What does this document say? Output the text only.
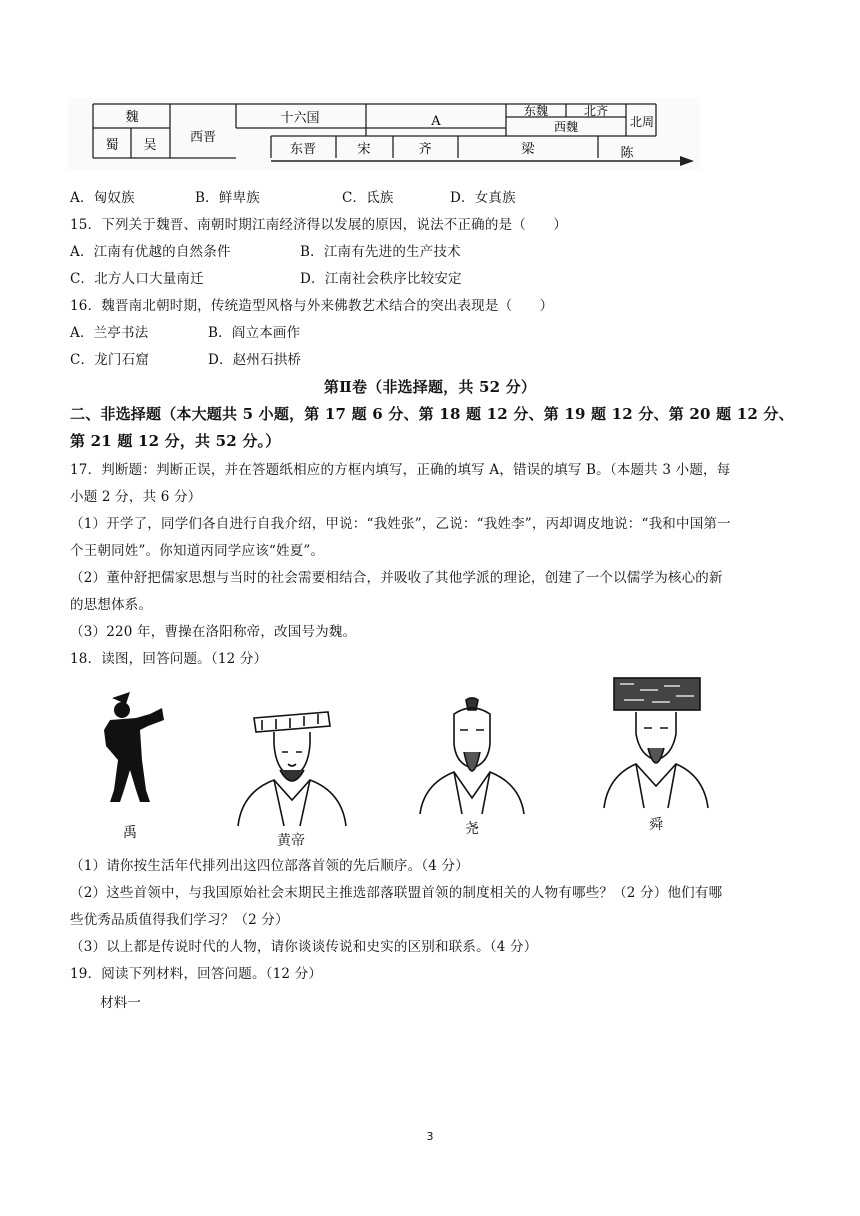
魏
蜀 吴
西晋
十六国	A
东魏	北齐
北周
西魏
东晋	宋	齐	梁	陈
A．匈奴族	B．鲜卑族	C．氐族	D．女真族
15．下列关于魏晋、南朝时期江南经济得以发展的原因，说法不正确的是（　　）
A．江南有优越的自然条件	B．江南有先进的生产技术
C．北方人口大量南迁	D．江南社会秩序比较安定
16．魏晋南北朝时期，传统造型风格与外来佛教艺术结合的突出表现是（　　）
A．兰亭书法	B．阎立本画作
C．龙门石窟	D．赵州石拱桥
第Ⅱ卷（非选择题，共 52 分）
二、非选择题（本大题共 5 小题，第 17 题 6 分、第 18 题 12 分、第 19 题 12 分、第 20 题 12 分、
第 21 题 12 分，共 52 分。）
17．判断题：判断正误，并在答题纸相应的方框内填写，正确的填写 A，错误的填写 B。（本题共 3 小题，每
小题 2 分，共 6 分）
（1）开学了，同学们各自进行自我介绍，甲说：“我姓张”，乙说：“我姓李”，丙却调皮地说：“我和中国第一
个王朝同姓”。你知道丙同学应该“姓夏”。
（2）董仲舒把儒家思想与当时的社会需要相结合，并吸收了其他学派的理论，创建了一个以儒学为核心的新
的思想体系。
（3）220 年，曹操在洛阳称帝，改国号为魏。
18．读图，回答问题。（12 分）
禹	黄帝
尧	舜
（1）请你按生活年代排列出这四位部落首领的先后顺序。（4 分）
（2）这些首领中，与我国原始社会末期民主推选部落联盟首领的制度相关的人物有哪些？（2 分）他们有哪
些优秀品质值得我们学习？（2 分）
（3）以上都是传说时代的人物，请你谈谈传说和史实的区别和联系。（4 分）
19．阅读下列材料，回答问题。（12 分）
材料一
3
